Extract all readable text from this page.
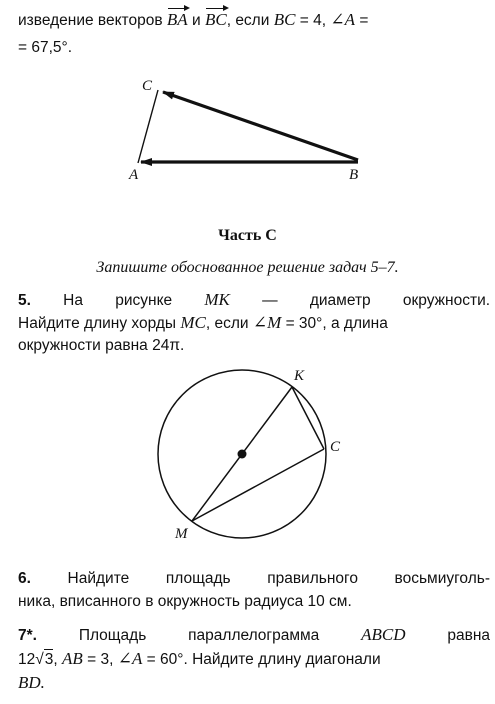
изведение векторов BA и BC, если BC = 4, ∠A =
= 67,5°.
C
A	B
Часть С
Запишите обоснованное решение задач 5–7.
5. На рисунке MK — диаметр окружности.
Найдите длину хорды MC, если ∠M = 30°, а длина
окружности равна 24π.
K
C
M
6. Найдите площадь правильного восьмиуголь-
ника, вписанного в окружность радиуса 10 см.
7*.	Площадь	параллелограмма ABCD	равна
12√3, AB = 3, ∠A = 60°. Найдите длину диагонали
BD.
